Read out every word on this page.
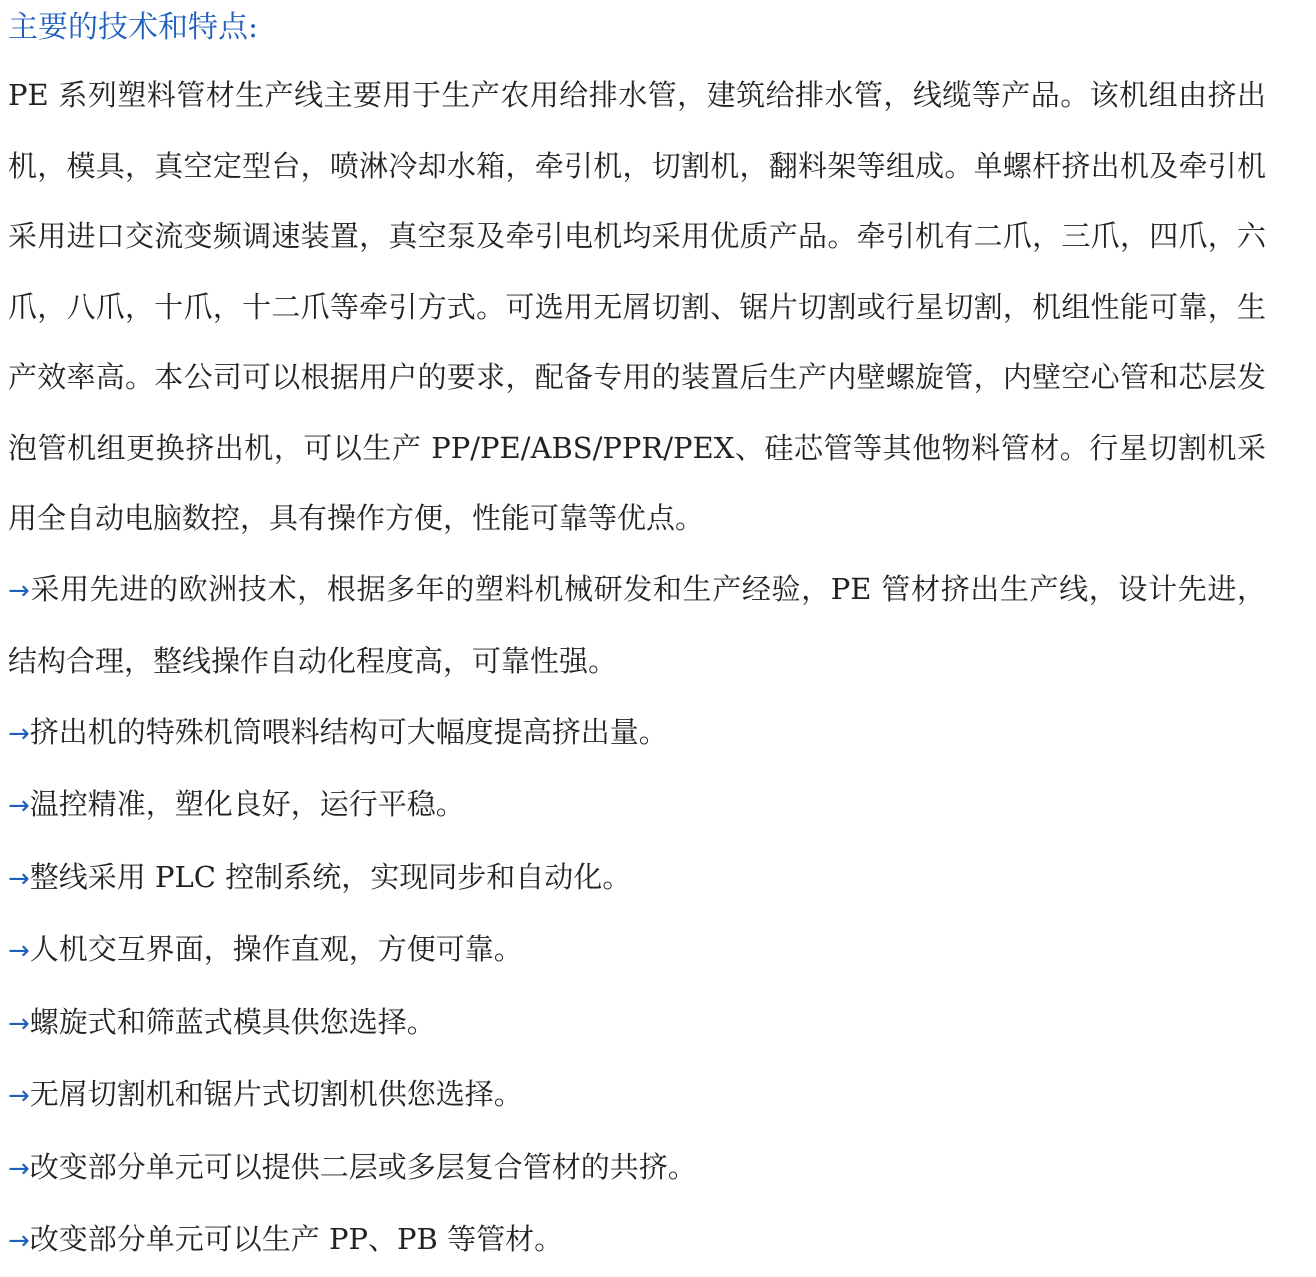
主要的技术和特点:

PE 系列塑料管材生产线主要用于生产农用给排水管，建筑给排水管，线缆等产品。该机组由挤出机，模具，真空定型台，喷淋冷却水箱，牵引机，切割机，翻料架等组成。单螺杆挤出机及牵引机采用进口交流变频调速装置，真空泵及牵引电机均采用优质产品。牵引机有二爪，三爪，四爪，六爪，八爪，十爪，十二爪等牵引方式。可选用无屑切割、锯片切割或行星切割，机组性能可靠，生产效率高。本公司可以根据用户的要求，配备专用的装置后生产内壁螺旋管，内壁空心管和芯层发泡管机组更换挤出机，可以生产 PP/PE/ABS/PPR/PEX、硅芯管等其他物料管材。行星切割机采用全自动电脑数控，具有操作方便，性能可靠等优点。

→采用先进的欧洲技术，根据多年的塑料机械研发和生产经验，PE 管材挤出生产线，设计先进，结构合理，整线操作自动化程度高，可靠性强。

→挤出机的特殊机筒喂料结构可大幅度提高挤出量。

→温控精准，塑化良好，运行平稳。

→整线采用 PLC 控制系统，实现同步和自动化。

→人机交互界面，操作直观，方便可靠。

→螺旋式和筛蓝式模具供您选择。

→无屑切割机和锯片式切割机供您选择。

→改变部分单元可以提供二层或多层复合管材的共挤。

→改变部分单元可以生产 PP、PB 等管材。
